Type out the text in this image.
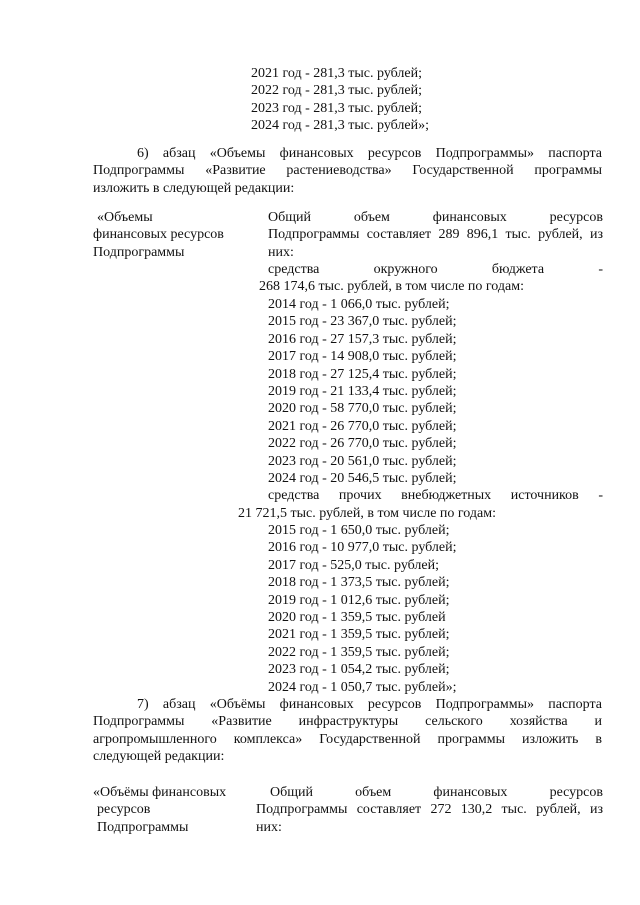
2021 год - 281,3 тыс. рублей;
2022 год - 281,3 тыс. рублей;
2023 год - 281,3 тыс. рублей;
2024 год - 281,3 тыс. рублей»;
6) абзац «Объемы финансовых ресурсов Подпрограммы» паспорта
Подпрограммы «Развитие растениеводства» Государственной программы
изложить в следующей редакции:
«Объемы
финансовых ресурсов
Подпрограммы
Общий объем финансовых ресурсов
Подпрограммы составляет 289 896,1 тыс. рублей, из
них:
средства окружного бюджета -
268 174,6 тыс. рублей, в том числе по годам:
2014 год - 1 066,0 тыс. рублей;
2015 год - 23 367,0 тыс. рублей;
2016 год - 27 157,3 тыс. рублей;
2017 год - 14 908,0 тыс. рублей;
2018 год - 27 125,4 тыс. рублей;
2019 год - 21 133,4 тыс. рублей;
2020 год - 58 770,0 тыс. рублей;
2021 год - 26 770,0 тыс. рублей;
2022 год - 26 770,0 тыс. рублей;
2023 год - 20 561,0 тыс. рублей;
2024 год - 20 546,5 тыс. рублей;
средства прочих внебюджетных источников -
21 721,5 тыс. рублей, в том числе по годам:
2015 год - 1 650,0 тыс. рублей;
2016 год - 10 977,0 тыс. рублей;
2017 год - 525,0 тыс. рублей;
2018 год - 1 373,5 тыс. рублей;
2019 год - 1 012,6 тыс. рублей;
2020 год - 1 359,5 тыс. рублей
2021 год - 1 359,5 тыс. рублей;
2022 год - 1 359,5 тыс. рублей;
2023 год - 1 054,2 тыс. рублей;
2024 год - 1 050,7 тыс. рублей»;
7) абзац «Объёмы финансовых ресурсов Подпрограммы» паспорта
Подпрограммы «Развитие инфраструктуры сельского хозяйства и
агропромышленного комплекса» Государственной программы изложить в
следующей редакции:
«Объёмы финансовых
ресурсов
Подпрограммы
Общий объем финансовых ресурсов
Подпрограммы составляет 272 130,2 тыс. рублей, из
них:
